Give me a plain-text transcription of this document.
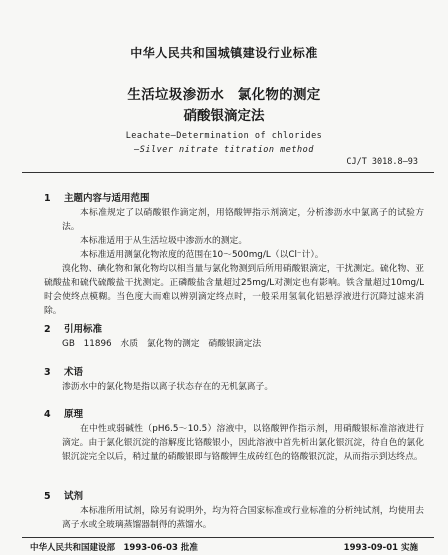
中华人民共和国城镇建设行业标准
生活垃圾渗沥水　氯化物的测定
硝酸银滴定法
Leachate—Determination of chlorides
—Silver nitrate titration method
CJ/T 3018.8—93
1 主题内容与适用范围

本标准规定了以硝酸银作滴定剂，用铬酸钾指示剂滴定，分析渗沥水中氯离子的试验方法。

本标准适用于从生活垃圾中渗沥水的测定。

本标准适用测氯化物浓度的范围在10～500mg/L（以Cl⁻计）。

溴化物、碘化物和氰化物均以相当量与氯化物测到后所用硝酸银滴定，干扰测定。硫化物、亚硫酸盐和硫代硫酸盐干扰测定。正磷酸盐含量超过25mg/L对测定也有影响。铁含量超过10mg/L时会使终点模糊。当色度大而难以辨别滴定终点时，一般采用氢氧化铝悬浮液进行沉降过滤来消除。

2 引用标准

GB　11896　水质　氯化物的测定　硝酸银滴定法

3 术语

渗沥水中的氯化物是指以离子状态存在的无机氯离子。

4 原理

在中性或弱碱性（pH6.5～10.5）溶液中，以铬酸钾作指示剂，用硝酸银标准溶液进行滴定。由于氯化银沉淀的溶解度比铬酸银小，因此溶液中首先析出氯化银沉淀，待自色的氯化银沉淀完全以后，稍过量的硝酸银即与铬酸钾生成砖红色的铬酸银沉淀，从而指示到达终点。

5 试剂

本标准所用试剂，除另有说明外，均为符合国家标准或行业标准的分析纯试剂，均使用去离子水或全玻璃蒸馏器制得的蒸馏水。

中华人民共和国建设部　1993-06-03 批准	1993-09-01 实施
